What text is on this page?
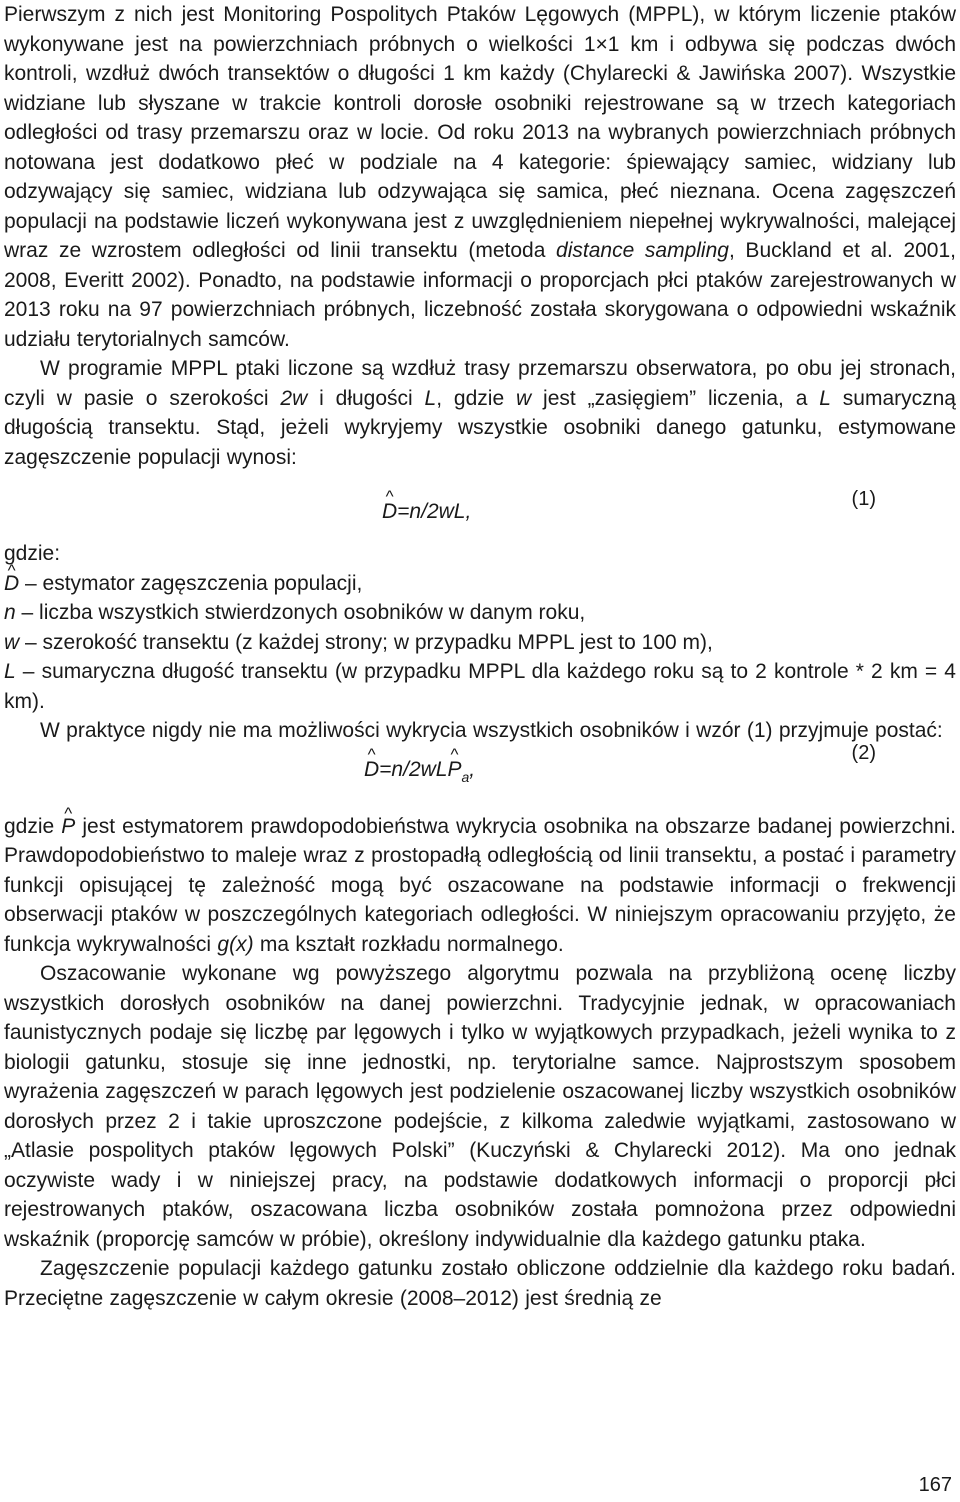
Pierwszym z nich jest Monitoring Pospolitych Ptaków Lęgowych (MPPL), w którym liczenie ptaków wykonywane jest na powierzchniach próbnych o wielkości 1×1 km i odbywa się podczas dwóch kontroli, wzdłuż dwóch transektów o długości 1 km każdy (Chylarecki & Jawińska 2007). Wszystkie widziane lub słyszane w trakcie kontroli dorosłe osobniki rejestrowane są w trzech kategoriach odległości od trasy przemarszu oraz w locie. Od roku 2013 na wybranych powierzchniach próbnych notowana jest dodatkowo płeć w podziale na 4 kategorie: śpiewający samiec, widziany lub odzywający się samiec, widziana lub odzywająca się samica, płeć nieznana. Ocena zagęszczeń populacji na podstawie liczeń wykonywana jest z uwzględnieniem niepełnej wykrywalności, malejącej wraz ze wzrostem odległości od linii transektu (metoda distance sampling, Buckland et al. 2001, 2008, Everitt 2002). Ponadto, na podstawie informacji o proporcjach płci ptaków zarejestrowanych w 2013 roku na 97 powierzchniach próbnych, liczebność została skorygowana o odpowiedni wskaźnik udziału terytorialnych samców.

W programie MPPL ptaki liczone są wzdłuż trasy przemarszu obserwatora, po obu jej stronach, czyli w pasie o szerokości 2w i długości L, gdzie w jest „zasięgiem” liczenia, a L sumaryczną długością transektu. Stąd, jeżeli wykryjemy wszystkie osobniki danego gatunku, estymowane zagęszczenie populacji wynosi:

^ D=n/2wL,
(1)
gdzie:
^ D – estymator zagęszczenia populacji,
n – liczba wszystkich stwierdzonych osobników w danym roku,
w – szerokość transektu (z każdej strony; w przypadku MPPL jest to 100 m),
L – sumaryczna długość transektu (w przypadku MPPL dla każdego roku są to 2 kontrole * 2 km = 4 km).

W praktyce nigdy nie ma możliwości wykrycia wszystkich osobników i wzór (1) przyjmuje postać:

^ D=n/2wL^ $P_a$,
(2)

gdzie ^ P jest estymatorem prawdopodobieństwa wykrycia osobnika na obszarze badanej powierzchni. Prawdopodobieństwo to maleje wraz z prostopadłą odległością od linii transektu, a postać i parametry funkcji opisującej tę zależność mogą być oszacowane na podstawie informacji o frekwencji obserwacji ptaków w poszczególnych kategoriach odległości. W niniejszym opracowaniu przyjęto, że funkcja wykrywalności g(x) ma kształt rozkładu normalnego.

Oszacowanie wykonane wg powyższego algorytmu pozwala na przybliżoną ocenę liczby wszystkich dorosłych osobników na danej powierzchni. Tradycyjnie jednak, w opracowaniach faunistycznych podaje się liczbę par lęgowych i tylko w wyjątkowych przypadkach, jeżeli wynika to z biologii gatunku, stosuje się inne jednostki, np. terytorialne samce. Najprostszym sposobem wyrażenia zagęszczeń w parach lęgowych jest podzielenie oszacowanej liczby wszystkich osobników dorosłych przez 2 i takie uproszczone podejście, z kilkoma zaledwie wyjątkami, zastosowano w „Atlasie pospolitych ptaków lęgowych Polski” (Kuczyński & Chylarecki 2012). Ma ono jednak oczywiste wady i w niniejszej pracy, na podstawie dodatkowych informacji o proporcji płci rejestrowanych ptaków, oszacowana liczba osobników została pomnożona przez odpowiedni wskaźnik (proporcję samców w próbie), określony indywidualnie dla każdego gatunku ptaka.

Zagęszczenie populacji każdego gatunku zostało obliczone oddzielnie dla każdego roku badań. Przeciętne zagęszczenie w całym okresie (2008–2012) jest średnią ze

167
